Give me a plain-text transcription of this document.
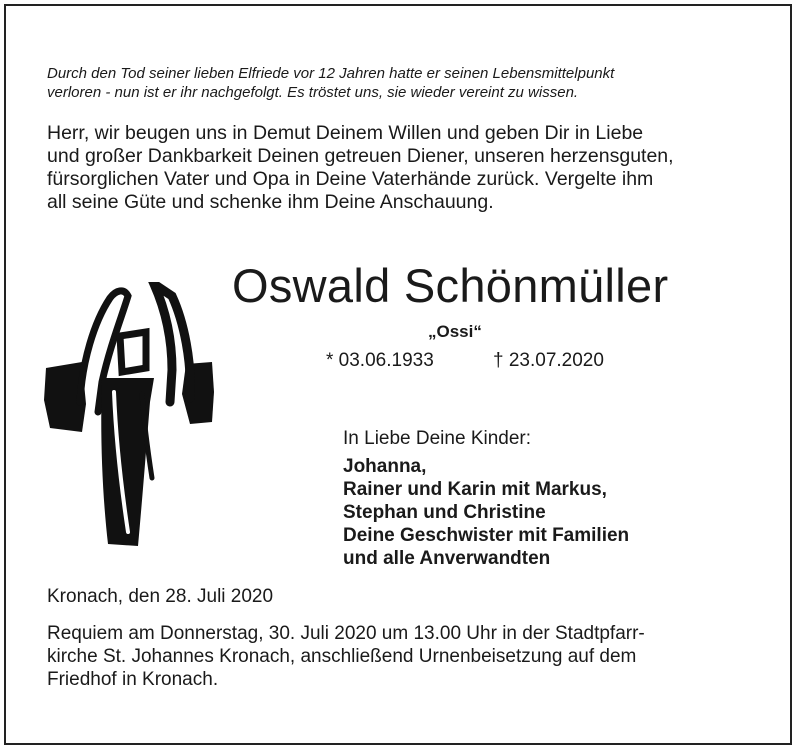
Durch den Tod seiner lieben Elfriede vor 12 Jahren hatte er seinen Lebensmittelpunkt
verloren - nun ist er ihr nachgefolgt. Es tröstet uns, sie wieder vereint zu wissen.
Herr, wir beugen uns in Demut Deinem Willen und geben Dir in Liebe
und großer Dankbarkeit Deinen getreuen Diener, unseren herzensguten,
fürsorglichen Vater und Opa in Deine Vaterhände zurück. Vergelte ihm
all seine Güte und schenke ihm Deine Anschauung.
Oswald Schönmüller
„Ossi“
* 03.06.1933	† 23.07.2020
In Liebe Deine Kinder:
Johanna,
Rainer und Karin mit Markus,
Stephan und Christine
Deine Geschwister mit Familien
und alle Anverwandten
Kronach, den 28. Juli 2020
Requiem am Donnerstag, 30. Juli 2020 um 13.00 Uhr in der Stadtpfarr-
kirche St. Johannes Kronach, anschließend Urnenbeisetzung auf dem
Friedhof in Kronach.
